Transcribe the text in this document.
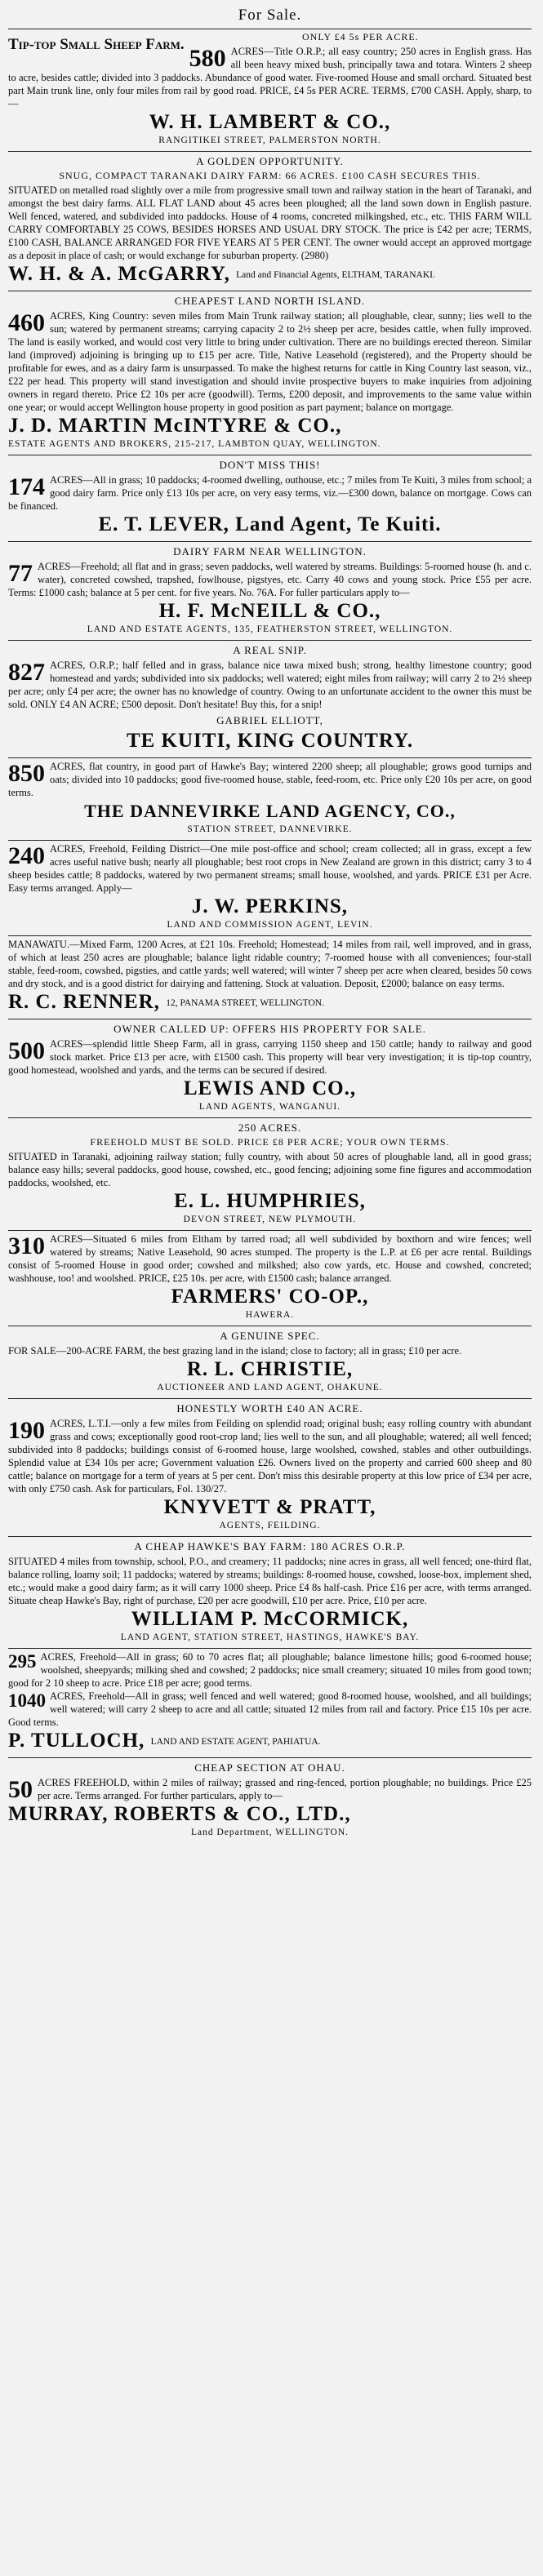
For Sale.
Tip-top Small Sheep Farm.	ONLY £4 5s PER ACRE.
580 ACRES—Title O.R.P.; all easy country; 250 acres in English grass. Has all been heavy mixed bush, principally tawa and totara. Winters 2 sheep to acre, besides cattle; divided into 3 paddocks. Abundance of good water. Five-roomed House and small orchard. Situated best part Main trunk line, only four miles from rail by good road. PRICE, £4 5s PER ACRE. TERMS, £700 CASH. Apply, sharp, to—
W. H. LAMBERT & CO.,
RANGITIKEI STREET, PALMERSTON NORTH.
A GOLDEN OPPORTUNITY.
SNUG, COMPACT TARANAKI DAIRY FARM: 66 ACRES. £100 CASH SECURES THIS.
SITUATED on metalled road slightly over a mile from progressive small town and railway station in the heart of Taranaki, and amongst the best dairy farms. ALL FLAT LAND about 45 acres been ploughed; all the land sown down in English pasture. Well fenced, watered, and subdivided into paddocks. House of 4 rooms, concreted milkingshed, etc., etc. THIS FARM WILL CARRY COMFORTABLY 25 COWS, BESIDES HORSES AND USUAL DRY STOCK. The price is £42 per acre; TERMS, £100 CASH, BALANCE ARRANGED FOR FIVE YEARS AT 5 PER CENT. The owner would accept an approved mortgage as a deposit in place of cash; or would exchange for suburban property. (2980)
W. H. & A. McGARRY, Land and Financial Agents, ELTHAM, TARANAKI.
CHEAPEST LAND NORTH ISLAND.
460 ACRES, King Country: seven miles from Main Trunk railway station; all ploughable, clear, sunny; lies well to the sun; watered by permanent streams; carrying capacity 2 to 2½ sheep per acre, besides cattle, when fully improved. The land is easily worked, and would cost very little to bring under cultivation. There are no buildings erected thereon. Similar land (improved) adjoining is bringing up to £15 per acre. Title, Native Leasehold (registered), and the Property should be profitable for ewes, and as a dairy farm is unsurpassed. To make the highest returns for cattle in King Country last season, viz., £22 per head. This property will stand investigation and should invite prospective buyers to make inquiries from adjoining owners in regard thereto. Price £2 10s per acre (goodwill). Terms, £200 deposit, and improvements to the same value within one year; or would accept Wellington house property in good position as part payment; balance on mortgage.
J. D. MARTIN McINTYRE & CO.,
ESTATE AGENTS AND BROKERS, 215-217, LAMBTON QUAY, WELLINGTON.
DON'T MISS THIS!
174 ACRES—All in grass; 10 paddocks; 4-roomed dwelling, outhouse, etc.; 7 miles from Te Kuiti, 3 miles from school; a good dairy farm. Price only £13 10s per acre, on very easy terms, viz.—£300 down, balance on mortgage. Cows can be financed.
E. T. LEVER, Land Agent, Te Kuiti.
DAIRY FARM NEAR WELLINGTON.
77 ACRES—Freehold; all flat and in grass; seven paddocks, well watered by streams. Buildings: 5-roomed house (h. and c. water), concreted cowshed, trapshed, fowlhouse, pigstyes, etc. Carry 40 cows and young stock. Price £55 per acre. Terms: £1000 cash; balance at 5 per cent. for five years. No. 76A. For fuller particulars apply to—
H. F. McNEILL & CO.,
LAND AND ESTATE AGENTS, 135, FEATHERSTON STREET, WELLINGTON.
A REAL SNIP.
827 ACRES, O.R.P.; half felled and in grass, balance nice tawa mixed bush; strong, healthy limestone country; good homestead and yards; subdivided into six paddocks; well watered; eight miles from railway; will carry 2 to 2½ sheep per acre; only £4 per acre; the owner has no knowledge of country. Owing to an unfortunate accident to the owner this must be sold. ONLY £4 AN ACRE; £500 deposit. Don't hesitate! Buy this, for a snip!
GABRIEL ELLIOTT,
TE KUITI, KING COUNTRY.
850 ACRES, flat country, in good part of Hawke's Bay; wintered 2200 sheep; all ploughable; grows good turnips and oats; divided into 10 paddocks; good five-roomed house, stable, feed-room, etc. Price only £20 10s per acre, on good terms.
THE DANNEVIRKE LAND AGENCY, CO.,
STATION STREET, DANNEVIRKE.
240 ACRES, Freehold, Feilding District—One mile post-office and school; cream collected; all in grass, except a few acres useful native bush; nearly all ploughable; best root crops in New Zealand are grown in this district; carry 3 to 4 sheep besides cattle; 8 paddocks, watered by two permanent streams; small house, woolshed, and yards. PRICE £31 per Acre. Easy terms arranged. Apply—
J. W. PERKINS,
LAND AND COMMISSION AGENT, LEVIN.
MANAWATU.—Mixed Farm, 1200 Acres, at £21 10s. Freehold; Homestead; 14 miles from rail, well improved, and in grass, of which at least 250 acres are ploughable; balance light ridable country; 7-roomed house with all conveniences; four-stall stable, feed-room, cowshed, pigsties, and cattle yards; well watered; will winter 7 sheep per acre when cleared, besides 50 cows and dry stock, and is a good district for dairying and fattening. Stock at valuation. Deposit, £2000; balance on easy terms.
R. C. RENNER, 12, PANAMA STREET, WELLINGTON.
OWNER CALLED UP: OFFERS HIS PROPERTY FOR SALE.
500 ACRES—splendid little Sheep Farm, all in grass, carrying 1150 sheep and 150 cattle; handy to railway and good stock market. Price £13 per acre, with £1500 cash. This property will bear very investigation; it is tip-top country, good homestead, woolshed and yards, and the terms can be secured if desired.
LEWIS AND CO.,
LAND AGENTS, WANGANUI.
250 ACRES.
FREEHOLD MUST BE SOLD. PRICE £8 PER ACRE; YOUR OWN TERMS.
SITUATED in Taranaki, adjoining railway station; fully country, with about 50 acres of ploughable land, all in good grass; balance easy hills; several paddocks, good house, cowshed, etc., good fencing; adjoining some fine figures and accommodation paddocks, woolshed, etc.
E. L. HUMPHRIES,
DEVON STREET, NEW PLYMOUTH.
310 ACRES—Situated 6 miles from Eltham by tarred road; all well subdivided by boxthorn and wire fences; well watered by streams; Native Leasehold, 90 acres stumped. The property is the L.P. at £6 per acre rental. Buildings consist of 5-roomed House in good order; cowshed and milkshed; also cow yards, etc. House and cowshed, concreted; washhouse, too! and woolshed. PRICE, £25 10s. per acre, with £1500 cash; balance arranged.
FARMERS' CO-OP.,
HAWERA.
A GENUINE SPEC.
FOR SALE—200-ACRE FARM, the best grazing land in the island; close to factory; all in grass; £10 per acre.
R. L. CHRISTIE,
AUCTIONEER AND LAND AGENT, OHAKUNE.
HONESTLY WORTH £40 AN ACRE.
190 ACRES, L.T.I.—only a few miles from Feilding on splendid road; original bush; easy rolling country with abundant grass and cows; exceptionally good root-crop land; lies well to the sun, and all ploughable; watered; all well fenced; subdivided into 8 paddocks; buildings consist of 6-roomed house, large woolshed, cowshed, stables and other outbuildings. Splendid value at £34 10s per acre; Government valuation £26. Owners lived on the property and carried 600 sheep and 80 cattle; balance on mortgage for a term of years at 5 per cent. Don't miss this desirable property at this low price of £34 per acre, with only £750 cash. Ask for particulars, Fol. 130/27.
KNYVETT & PRATT,
AGENTS, FEILDING.
A CHEAP HAWKE'S BAY FARM: 180 ACRES O.R.P.
SITUATED 4 miles from township, school, P.O., and creamery; 11 paddocks; nine acres in grass, all well fenced; one-third flat, balance rolling, loamy soil; 11 paddocks; watered by streams; buildings: 8-roomed house, cowshed, loose-box, implement shed, etc.; would make a good dairy farm; as it will carry 1000 sheep. Price £4 8s half-cash. Price £16 per acre, with terms arranged. Situate cheap Hawke's Bay, right of purchase, £20 per acre goodwill, £10 per acre. Price, £10 per acre.
WILLIAM P. McCORMICK,
LAND AGENT, STATION STREET, HASTINGS, HAWKE'S BAY.
295 ACRES, Freehold—All in grass; 60 to 70 acres flat; all ploughable; balance limestone hills; good 6-roomed house; woolshed, sheepyards; milking shed and cowshed; 2 paddocks; nice small creamery; situated 10 miles from good town; good for 2 10 sheep to acre. Price £18 per acre; good terms.
1040 ACRES, Freehold—All in grass; well fenced and well watered; good 8-roomed house, woolshed, and all buildings; well watered; will carry 2 sheep to acre and all cattle; situated 12 miles from rail and factory. Price £15 10s per acre. Good terms.
P. TULLOCH, LAND AND ESTATE AGENT, PAHIATUA.
CHEAP SECTION AT OHAU.
50 ACRES FREEHOLD, within 2 miles of railway; grassed and ring-fenced, portion ploughable; no buildings. Price £25 per acre. Terms arranged. For further particulars, apply to—
MURRAY, ROBERTS & CO., LTD.,
Land Department, WELLINGTON.
